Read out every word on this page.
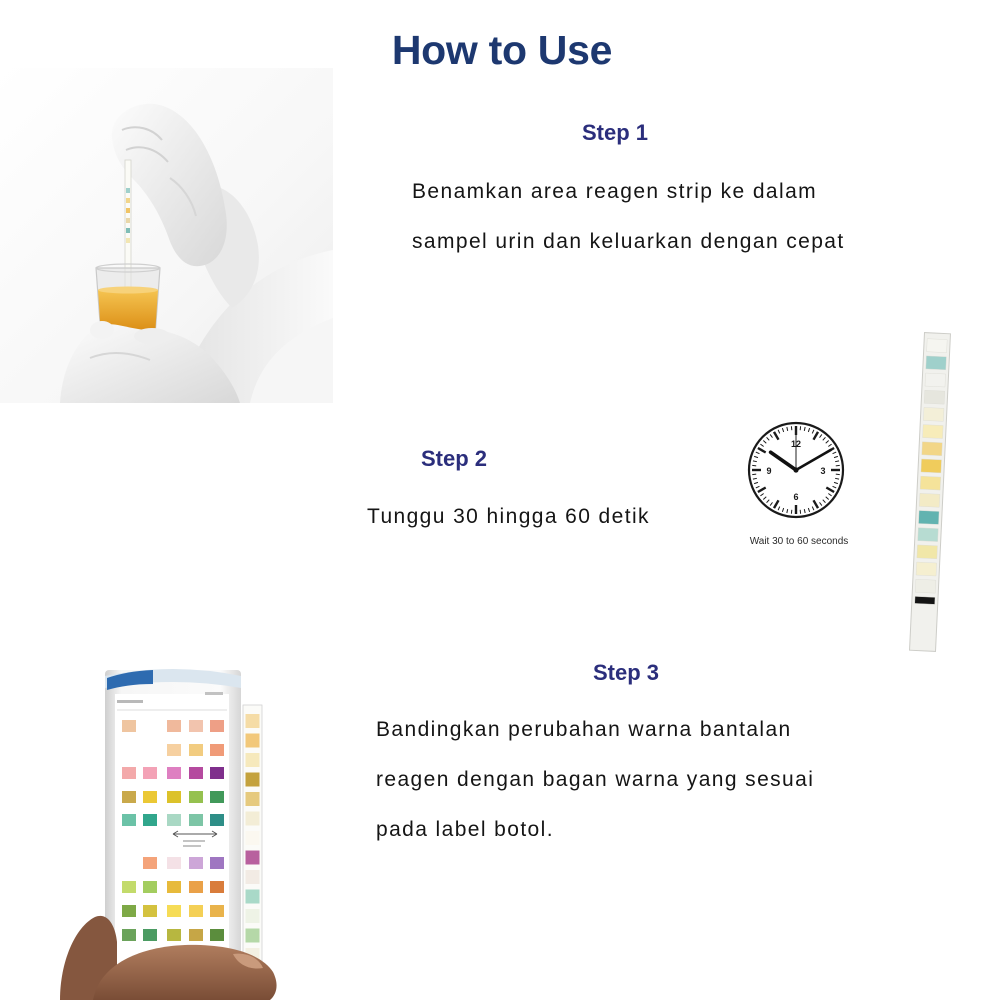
How to Use
Step 1
Benamkan area reagen strip ke dalam
sampel urin dan keluarkan dengan cepat
Step 2
Tunggu 30 hingga 60 detik
12
3
6
9
Wait 30 to 60 seconds
Step 3
Bandingkan perubahan warna bantalan
reagen dengan bagan warna yang sesuai
pada label botol.
